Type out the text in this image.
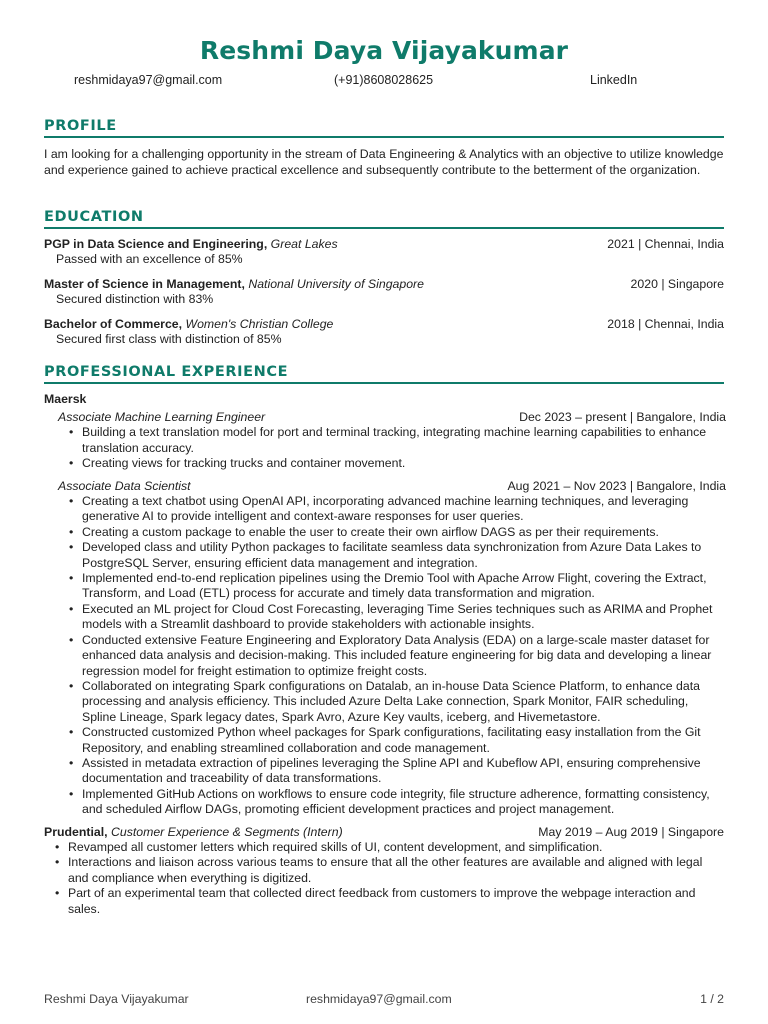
Reshmi Daya Vijayakumar
reshmidaya97@gmail.com	(+91)8608028625	LinkedIn
PROFILE
I am looking for a challenging opportunity in the stream of Data Engineering & Analytics with an objective to utilize knowledge and experience gained to achieve practical excellence and subsequently contribute to the betterment of the organization.
EDUCATION
PGP in Data Science and Engineering, Great Lakes	2021 | Chennai, India
Passed with an excellence of 85%
Master of Science in Management, National University of Singapore	2020 | Singapore
Secured distinction with 83%
Bachelor of Commerce, Women's Christian College	2018 | Chennai, India
Secured first class with distinction of 85%
PROFESSIONAL EXPERIENCE
Maersk
Associate Machine Learning Engineer	Dec 2023 – present | Bangalore, India
• Building a text translation model for port and terminal tracking, integrating machine learning capabilities to enhance translation accuracy.
• Creating views for tracking trucks and container movement.
Associate Data Scientist	Aug 2021 – Nov 2023 | Bangalore, India
• Creating a text chatbot using OpenAI API, incorporating advanced machine learning techniques, and leveraging generative AI to provide intelligent and context-aware responses for user queries.
• Creating a custom package to enable the user to create their own airflow DAGS as per their requirements.
• Developed class and utility Python packages to facilitate seamless data synchronization from Azure Data Lakes to PostgreSQL Server, ensuring efficient data management and integration.
• Implemented end-to-end replication pipelines using the Dremio Tool with Apache Arrow Flight, covering the Extract, Transform, and Load (ETL) process for accurate and timely data transformation and migration.
• Executed an ML project for Cloud Cost Forecasting, leveraging Time Series techniques such as ARIMA and Prophet models with a Streamlit dashboard to provide stakeholders with actionable insights.
• Conducted extensive Feature Engineering and Exploratory Data Analysis (EDA) on a large-scale master dataset for enhanced data analysis and decision-making. This included feature engineering for big data and developing a linear regression model for freight estimation to optimize freight costs.
• Collaborated on integrating Spark configurations on Datalab, an in-house Data Science Platform, to enhance data processing and analysis efficiency. This included Azure Delta Lake connection, Spark Monitor, FAIR scheduling, Spline Lineage, Spark legacy dates, Spark Avro, Azure Key vaults, iceberg, and Hivemetastore.
• Constructed customized Python wheel packages for Spark configurations, facilitating easy installation from the Git Repository, and enabling streamlined collaboration and code management.
• Assisted in metadata extraction of pipelines leveraging the Spline API and Kubeflow API, ensuring comprehensive documentation and traceability of data transformations.
• Implemented GitHub Actions on workflows to ensure code integrity, file structure adherence, formatting consistency, and scheduled Airflow DAGs, promoting efficient development practices and project management.
Prudential, Customer Experience & Segments (Intern)	May 2019 – Aug 2019 | Singapore
• Revamped all customer letters which required skills of UI, content development, and simplification.
• Interactions and liaison across various teams to ensure that all the other features are available and aligned with legal and compliance when everything is digitized.
• Part of an experimental team that collected direct feedback from customers to improve the webpage interaction and sales.
Reshmi Daya Vijayakumar	reshmidaya97@gmail.com	1 / 2
